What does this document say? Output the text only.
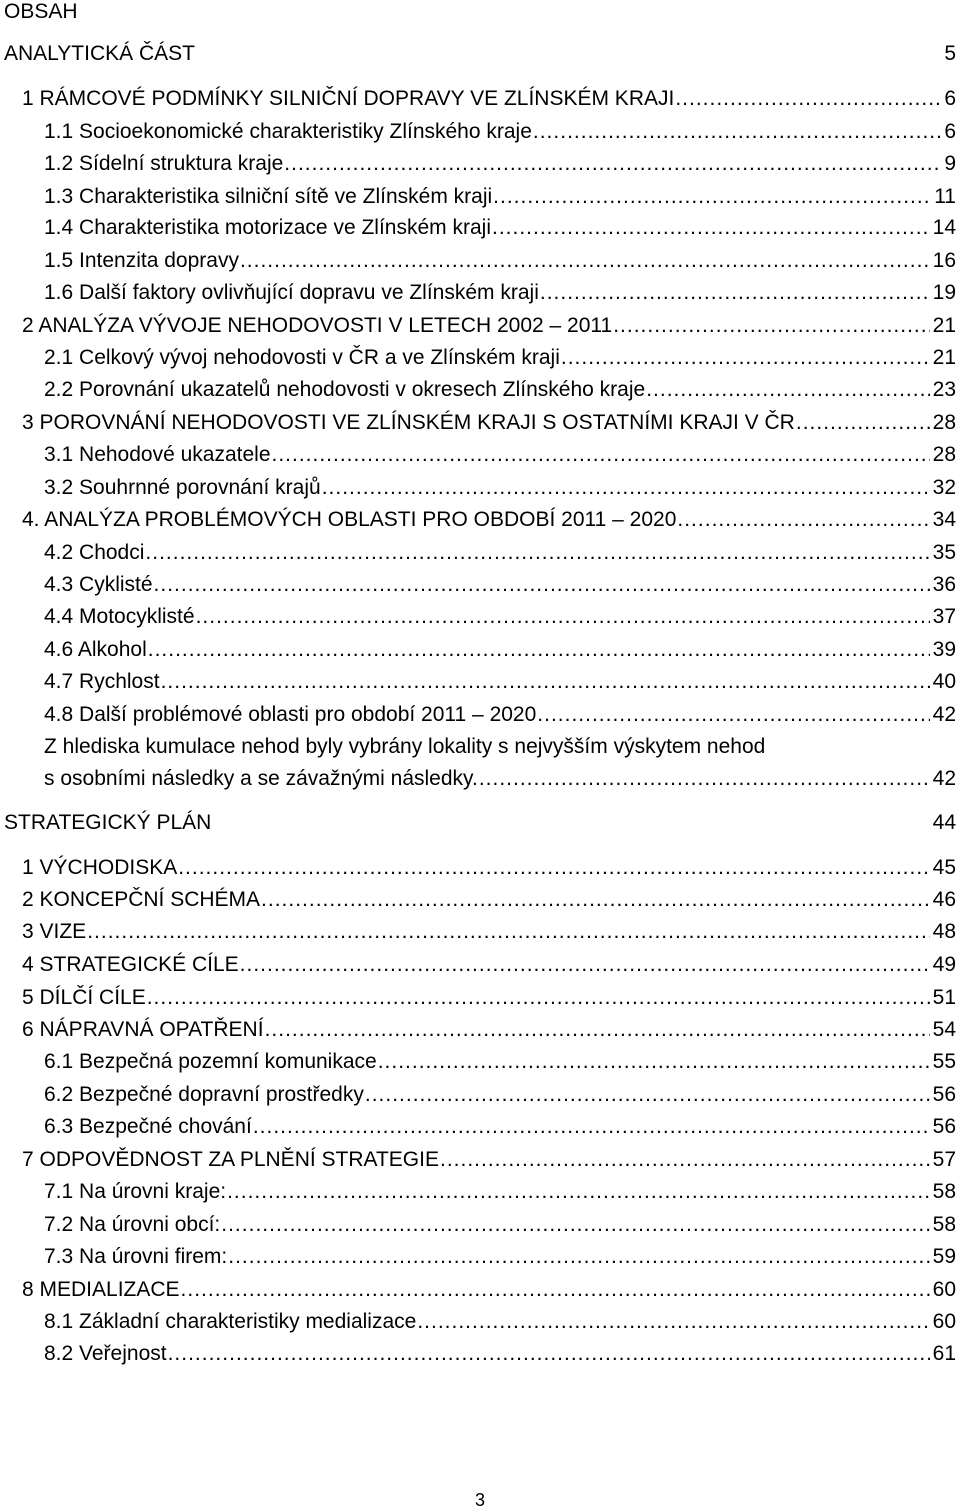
OBSAH
ANALYTICKÁ ČÁST	5
1 RÁMCOVÉ PODMÍNKY SILNIČNÍ DOPRAVY VE ZLÍNSKÉM KRAJI .....	6
1.1 Socioekonomické charakteristiky Zlínského kraje .....	6
1.2 Sídelní struktura kraje .....	9
1.3 Charakteristika silniční sítě ve Zlínském kraji .....	11
1.4 Charakteristika motorizace ve Zlínském kraji .....	14
1.5 Intenzita dopravy .....	16
1.6 Další faktory ovlivňující dopravu ve Zlínském kraji .....	19
2 ANALÝZA VÝVOJE NEHODOVOSTI V LETECH 2002 – 2011 .....	21
2.1 Celkový vývoj nehodovosti v ČR a ve Zlínském kraji .....	21
2.2 Porovnání ukazatelů nehodovosti v okresech Zlínského kraje .....	23
3 POROVNÁNÍ NEHODOVOSTI VE ZLÍNSKÉM KRAJI S OSTATNÍMI KRAJI V ČR .....	28
3.1 Nehodové ukazatele .....	28
3.2 Souhrnné porovnání krajů .....	32
4. ANALÝZA PROBLÉMOVÝCH OBLASTI PRO OBDOBÍ 2011 – 2020 .....	34
4.2 Chodci .....	35
4.3 Cyklisté .....	36
4.4 Motocyklisté .....	37
4.6 Alkohol .....	39
4.7 Rychlost .....	40
4.8 Další problémové oblasti pro období 2011 – 2020 .....	42
Z hlediska kumulace nehod byly vybrány lokality s nejvyšším výskytem nehod
s osobními následky a se závažnými následky. .....	42
STRATEGICKÝ PLÁN	44
1 VÝCHODISKA .....	45
2 KONCEPČNÍ SCHÉMA .....	46
3 VIZE .....	48
4 STRATEGICKÉ CÍLE .....	49
5 DÍLČÍ CÍLE .....	51
6 NÁPRAVNÁ OPATŘENÍ .....	54
6.1 Bezpečná pozemní komunikace .....	55
6.2 Bezpečné dopravní prostředky .....	56
6.3 Bezpečné chování .....	56
7 ODPOVĚDNOST ZA PLNĚNÍ STRATEGIE .....	57
7.1 Na úrovni kraje: .....	58
7.2 Na úrovni obcí: .....	58
7.3 Na úrovni firem: .....	59
8 MEDIALIZACE .....	60
8.1 Základní charakteristiky medializace .....	60
8.2 Veřejnost .....	61
3
